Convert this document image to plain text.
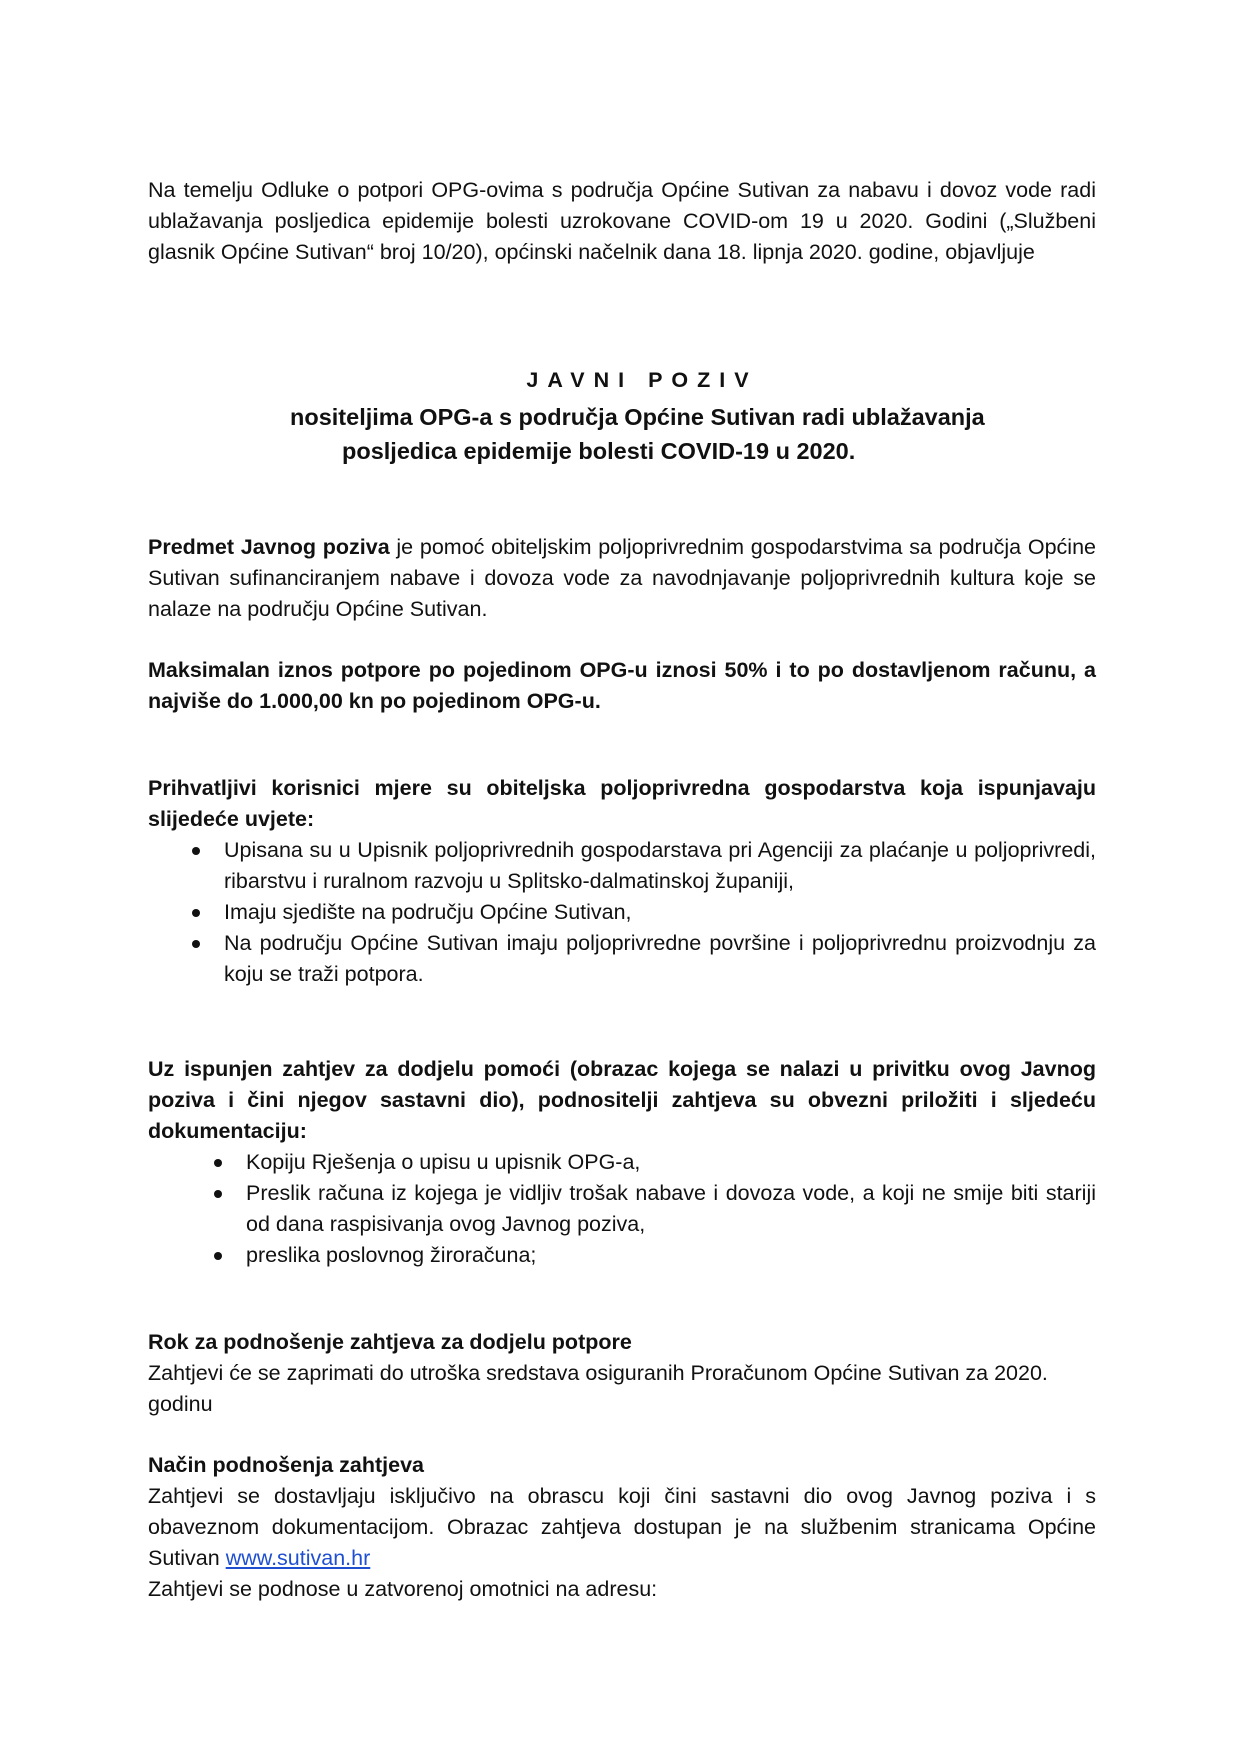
Na temelju Odluke o potpori OPG-ovima s područja Općine Sutivan za nabavu i dovoz vode radi ublažavanja posljedica epidemije bolesti uzrokovane COVID-om 19 u 2020. Godini („Službeni glasnik Općine Sutivan“ broj 10/20), općinski načelnik dana 18. lipnja 2020. godine, objavljuje

JAVNI POZIV
nositeljima OPG-a s područja Općine Sutivan radi ublažavanja
posljedica epidemije bolesti COVID-19 u 2020.

Predmet Javnog poziva je pomoć obiteljskim poljoprivrednim gospodarstvima sa područja Općine Sutivan sufinanciranjem nabave i dovoza vode za navodnjavanje poljoprivrednih kultura koje se nalaze na području Općine Sutivan.

Maksimalan iznos potpore po pojedinom OPG-u iznosi 50% i to po dostavljenom računu, a najviše do 1.000,00 kn po pojedinom OPG-u.

Prihvatljivi korisnici mjere su obiteljska poljoprivredna gospodarstva koja ispunjavaju slijedeće uvjete:

Upisana su u Upisnik poljoprivrednih gospodarstava pri Agenciji za plaćanje u poljoprivredi, ribarstvu i ruralnom razvoju u Splitsko-dalmatinskoj županiji,
Imaju sjedište na području Općine Sutivan,
Na području Općine Sutivan imaju poljoprivredne površine i poljoprivrednu proizvodnju za koju se traži potpora.

Uz ispunjen zahtjev za dodjelu pomoći (obrazac kojega se nalazi u privitku ovog Javnog poziva i čini njegov sastavni dio), podnositelji zahtjeva su obvezni priložiti i sljedeću dokumentaciju:

Kopiju Rješenja o upisu u upisnik OPG-a,
Preslik računa iz kojega je vidljiv trošak nabave i dovoza vode, a koji ne smije biti stariji od dana raspisivanja ovog Javnog poziva,
preslika poslovnog žiroračuna;
Rok za podnošenje zahtjeva za dodjelu potpore

Zahtjevi će se zaprimati do utroška sredstava osiguranih Proračunom Općine Sutivan za 2020. godinu

Način podnošenja zahtjeva

Zahtjevi se dostavljaju isključivo na obrascu koji čini sastavni dio ovog Javnog poziva i s obaveznom dokumentacijom. Obrazac zahtjeva dostupan je na službenim stranicama Općine Sutivan www.sutivan.hr

Zahtjevi se podnose u zatvorenoj omotnici na adresu:
